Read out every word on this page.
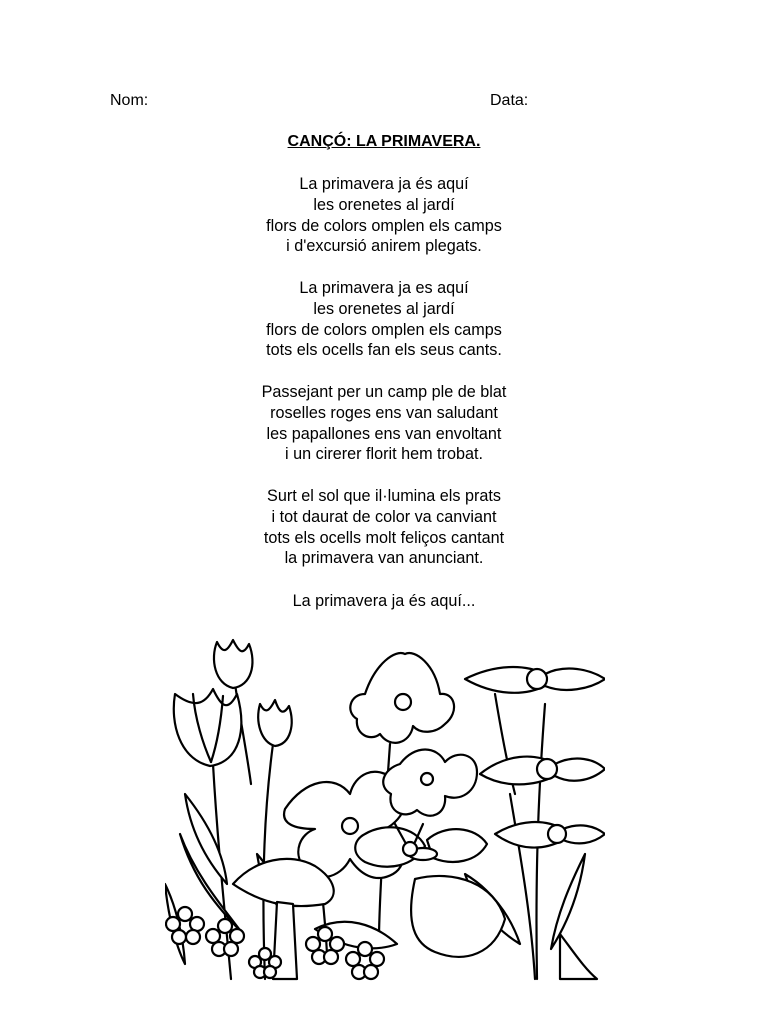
Nom:	Data:
CANÇÓ: LA PRIMAVERA.
La primavera ja és aquí
les orenetes al jardí
flors de colors omplen els camps
i d'excursió anirem plegats.
La primavera ja es aquí
les orenetes al jardí
flors de colors omplen els camps
tots els ocells fan els seus cants.
Passejant per un camp ple de blat
roselles roges ens van saludant
les papallones ens van envoltant
i un cirerer florit hem trobat.
Surt el sol que il·lumina els prats
i tot daurat de color va canviant
tots els ocells molt feliços cantant
la primavera van anunciant.
La primavera ja és aquí...
